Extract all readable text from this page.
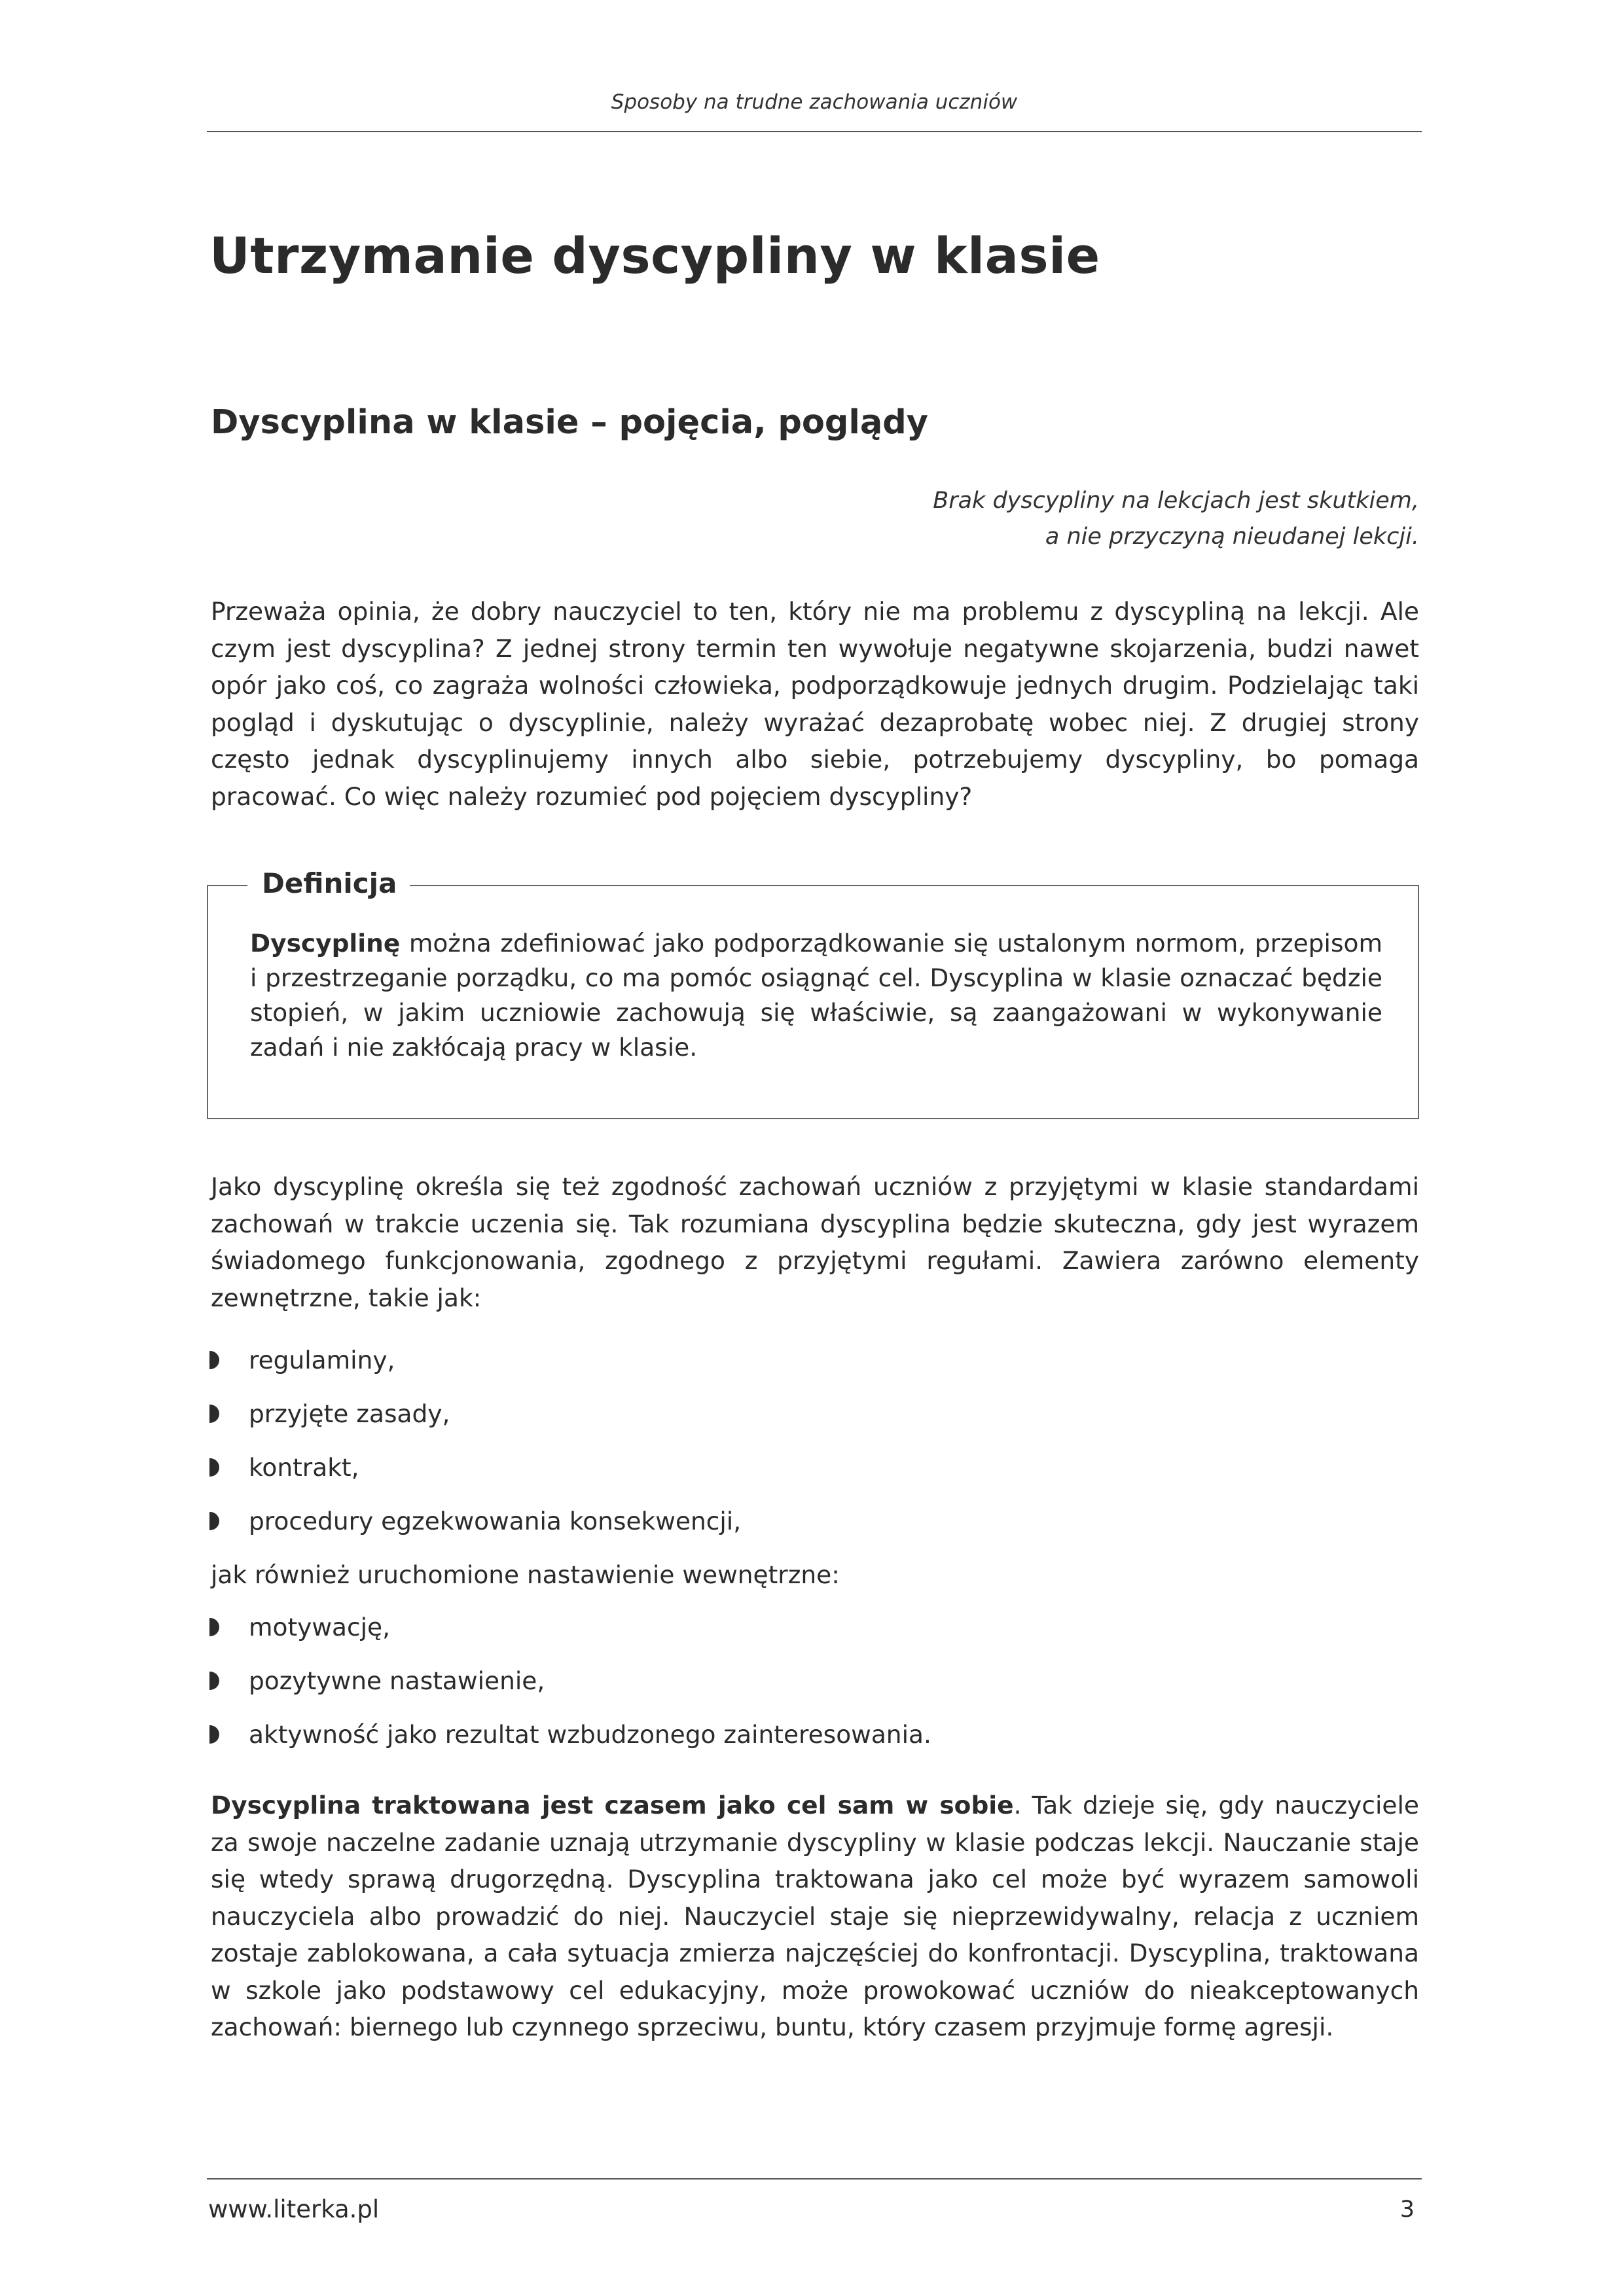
Sposoby na trudne zachowania uczniów
Utrzymanie dyscypliny w klasie
Dyscyplina w klasie – pojęcia, poglądy
Brak dyscypliny na lekcjach jest skutkiem,
a nie przyczyną nieudanej lekcji.

Przeważa opinia, że dobry nauczyciel to ten, który nie ma problemu z dyscypliną na lekcji. Ale czym jest dyscyplina? Z jednej strony termin ten wywołuje negatywne skojarzenia, budzi nawet opór jako coś, co zagraża wolności człowieka, podporządkowuje jednych drugim. Podzielając taki pogląd i dyskutując o dyscyplinie, należy wyrażać dezaprobatę wobec niej. Z drugiej strony często jednak dyscyplinujemy innych albo siebie, potrzebujemy dyscypliny, bo pomaga pracować. Co więc należy rozumieć pod pojęciem dyscypliny?

Definicja

Dyscyplinę można zdefiniować jako podporządkowanie się ustalonym normom, przepisom i przestrzeganie porządku, co ma pomóc osiągnąć cel. Dyscyplina w klasie oznaczać będzie stopień, w jakim uczniowie zachowują się właściwie, są zaangażowani w wykonywanie zadań i nie zakłócają pracy w klasie.

Jako dyscyplinę określa się też zgodność zachowań uczniów z przyjętymi w klasie standardami zachowań w trakcie uczenia się. Tak rozumiana dyscyplina będzie skuteczna, gdy jest wyrazem świadomego funkcjonowania, zgodnego z przyjętymi regułami. Zawiera zarówno elementy zewnętrzne, takie jak:

regulaminy,
przyjęte zasady,
kontrakt,
procedury egzekwowania konsekwencji,
jak również uruchomione nastawienie wewnętrzne:
motywację,
pozytywne nastawienie,
aktywność jako rezultat wzbudzonego zainteresowania.

Dyscyplina traktowana jest czasem jako cel sam w sobie. Tak dzieje się, gdy nauczyciele za swoje naczelne zadanie uznają utrzymanie dyscypliny w klasie podczas lekcji. Nauczanie staje się wtedy sprawą drugorzędną. Dyscyplina traktowana jako cel może być wyrazem samowoli nauczyciela albo prowadzić do niej. Nauczyciel staje się nieprzewidywalny, relacja z uczniem zostaje zablokowana, a cała sytuacja zmierza najczęściej do konfrontacji. Dyscyplina, traktowana w szkole jako podstawowy cel edukacyjny, może prowokować uczniów do nieakceptowanych zachowań: biernego lub czynnego sprzeciwu, buntu, który czasem przyjmuje formę agresji.

www.literka.pl	3
